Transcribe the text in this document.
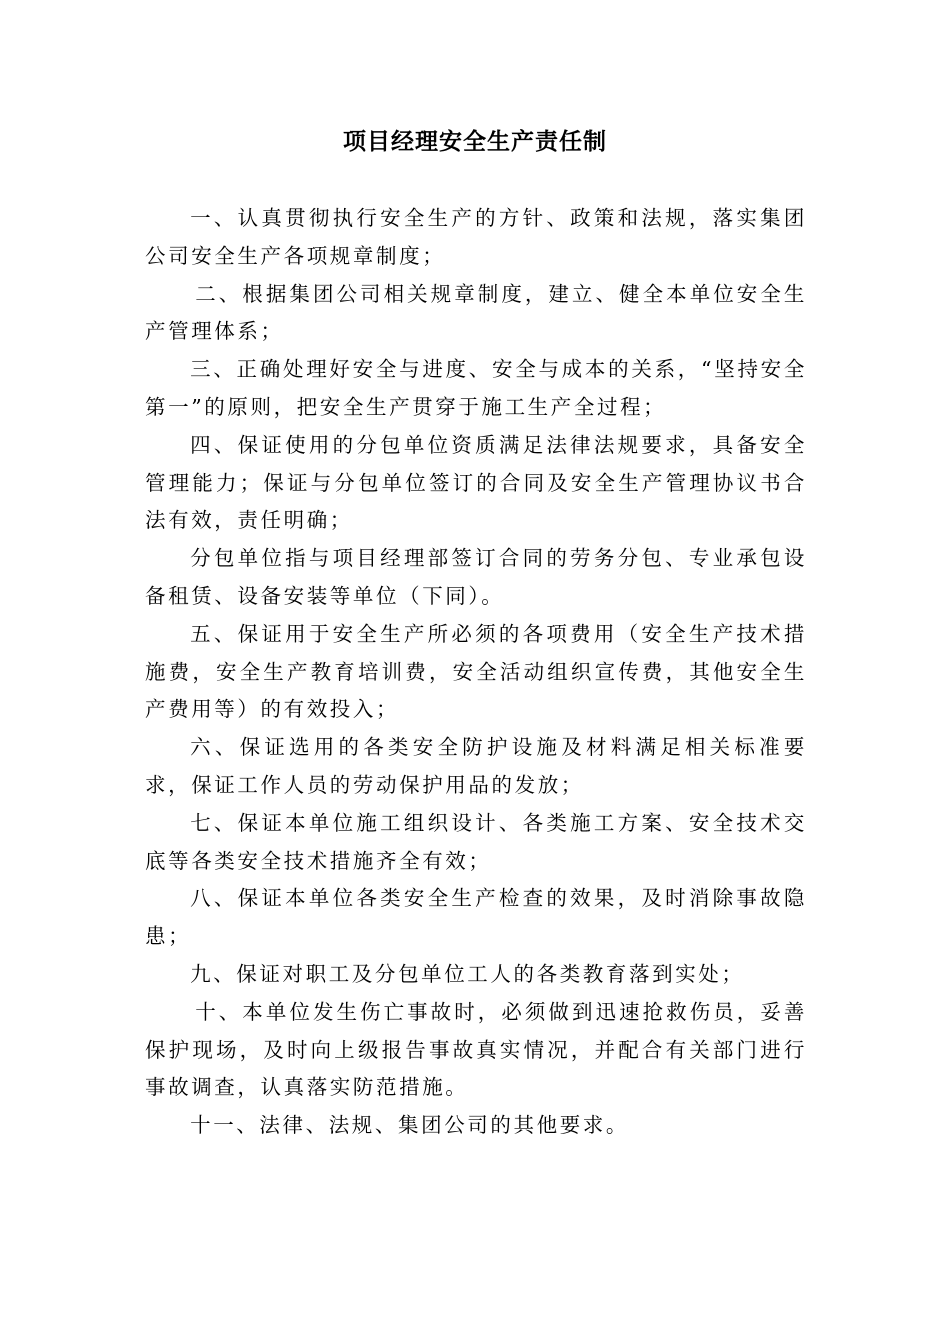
项目经理安全生产责任制

一、认真贯彻执行安全生产的方针、政策和法规，落实集团公司安全生产各项规章制度；

二、根据集团公司相关规章制度，建立、健全本单位安全生产管理体系；

三、正确处理好安全与进度、安全与成本的关系，“坚持安全第一”的原则，把安全生产贯穿于施工生产全过程；

四、保证使用的分包单位资质满足法律法规要求，具备安全管理能力；保证与分包单位签订的合同及安全生产管理协议书合法有效，责任明确；

分包单位指与项目经理部签订合同的劳务分包、专业承包设备租赁、设备安装等单位（下同）。

五、保证用于安全生产所必须的各项费用（安全生产技术措施费，安全生产教育培训费，安全活动组织宣传费，其他安全生产费用等）的有效投入；

六、保证选用的各类安全防护设施及材料满足相关标准要求，保证工作人员的劳动保护用品的发放；

七、保证本单位施工组织设计、各类施工方案、安全技术交底等各类安全技术措施齐全有效；

八、保证本单位各类安全生产检查的效果，及时消除事故隐患；

九、保证对职工及分包单位工人的各类教育落到实处；

十、本单位发生伤亡事故时，必须做到迅速抢救伤员，妥善保护现场，及时向上级报告事故真实情况，并配合有关部门进行事故调查，认真落实防范措施。

十一、法律、法规、集团公司的其他要求。
